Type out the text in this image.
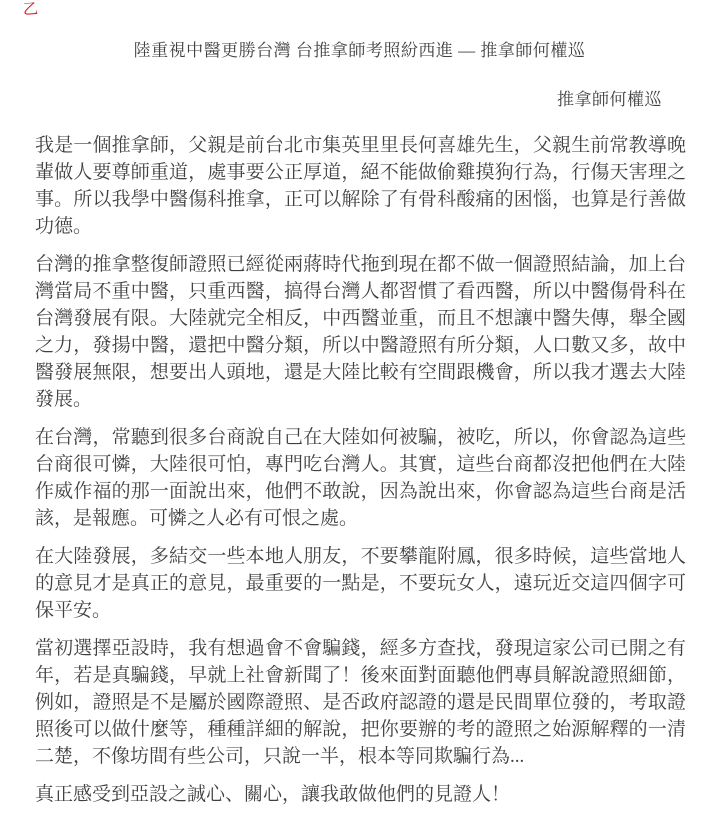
乙
陸重視中醫更勝台灣 台推拿師考照紛西進 — 推拿師何權巡
推拿師何權巡

我是一個推拿師，父親是前台北市集英里里長何喜雄先生，父親生前常教導晚輩做人要尊師重道，處事要公正厚道，絕不能做偷雞摸狗行為，行傷天害理之事。所以我學中醫傷科推拿，正可以解除了有骨科酸痛的困惱，也算是行善做功德。

台灣的推拿整復師證照已經從兩蔣時代拖到現在都不做一個證照結論，加上台灣當局不重中醫，只重西醫，搞得台灣人都習慣了看西醫，所以中醫傷骨科在台灣發展有限。大陸就完全相反，中西醫並重，而且不想讓中醫失傳，舉全國之力，發揚中醫，還把中醫分類，所以中醫證照有所分類，人口數又多，故中醫發展無限，想要出人頭地，還是大陸比較有空間跟機會，所以我才選去大陸發展。

在台灣，常聽到很多台商說自己在大陸如何被騙，被吃，所以，你會認為這些台商很可憐，大陸很可怕，專門吃台灣人。其實，這些台商都沒把他們在大陸作威作福的那一面說出來，他們不敢說，因為說出來，你會認為這些台商是活該，是報應。可憐之人必有可恨之處。

在大陸發展，多結交一些本地人朋友，不要攀龍附鳳，很多時候，這些當地人的意見才是真正的意見，最重要的一點是，不要玩女人，遠玩近交這四個字可保平安。

當初選擇亞設時，我有想過會不會騙錢，經多方查找，發現這家公司已開之有年，若是真騙錢，早就上社會新聞了！後來面對面聽他們專員解說證照細節，例如，證照是不是屬於國際證照、是否政府認證的還是民間單位發的，考取證照後可以做什麼等，種種詳細的解說，把你要辦的考的證照之始源解釋的一清二楚，不像坊間有些公司，只說一半，根本等同欺騙行為...

真正感受到亞設之誠心、關心，讓我敢做他們的見證人！
